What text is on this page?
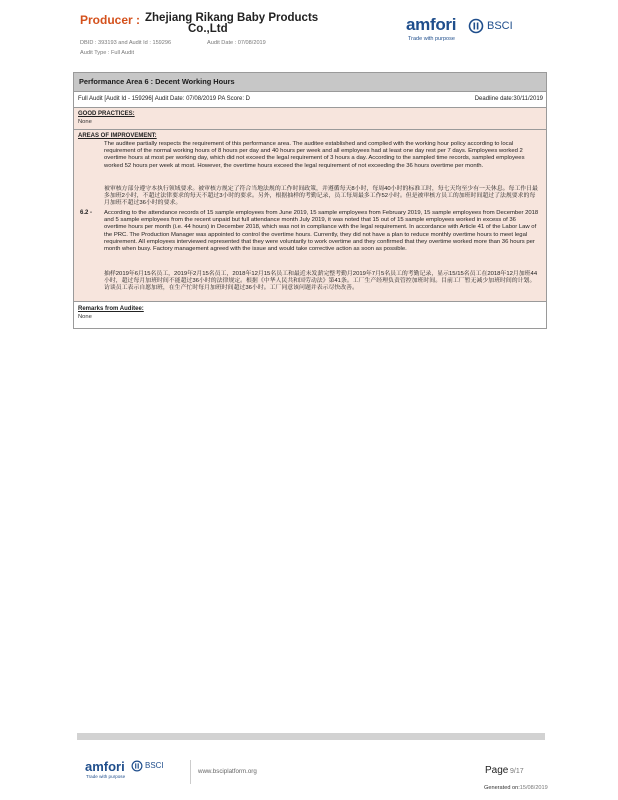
Producer : Zhejiang Rikang Baby Products
Co.,Ltd
DBID : 393193 and Audit Id : 159296	Audit Date : 07/08/2019
Audit Type : Full Audit
amfori
Trade with purpose
BSCI
Performance Area 6 : Decent Working Hours
Full Audit [Audit Id - 159296] Audit Date: 07/08/2019 PA Score: D	Deadline date:30/11/2019
GOOD PRACTICES:
None
AREAS OF IMPROVEMENT:
The auditee partially respects the requirement of this performance area. The auditee established and complied with the working hour policy according to local requirement of the normal working hours of 8 hours per day and 40 hours per week and all employees had at least one day rest per 7 days. Employees worked 2 overtime hours at most per working day, which did not exceed the legal requirement of 3 hours a day. According to the sampled time records, sampled employees worked 52 hours per week at most. However, the overtime hours exceed the legal requirement of not exceeding the 36 hours overtime per month.
被审核方部分遵守本执行领域要求。被审核方规定了符合当地法规的工作时间政策，并遵循每天8小时，每周40小时的标准工时，每七天均至少有一天休息。每工作日最多加班2小时，不超过法律要求的每天不超过3小时的要求。另外，根据抽样的考勤记录，员工每周最多工作52小时。但是被审核方员工的加班时间超过了法规要求的每月加班不超过36小时的要求。
6.2 - According to the attendance records of 15 sample employees from June 2019, 15 sample employees from February 2019, 15 sample employees from December 2018 and 5 sample employees from the recent unpaid but full attendance month July 2019, it was noted that 15 out of 15 sample employees worked in excess of 36 overtime hours per month (i.e. 44 hours) in December 2018, which was not in compliance with the legal requirement. In accordance with Article 41 of the Labor Law of the PRC. The Production Manager was appointed to control the overtime hours. Currently, they did not have a plan to reduce monthly overtime hours to meet legal requirement. All employees interviewed represented that they were voluntarily to work overtime and they confirmed that they overtime worked more than 36 hours per month when busy. Factory management agreed with the issue and would take corrective action as soon as possible.
抽样2019年6月15名员工，2019年2月15名员工，2018年12月15名员工和最近未发薪完整考勤月2019年7月5名员工的考勤记录，显示15/15名员工在2018年12月加班44小时，超过每月加班时间不能超过36小时的法律规定。根据《中华人民共和国劳动法》第41条。工厂生产经理负责管控加班时间。目前工厂暂无减少加班时间的计划。访谈员工表示自愿加班，在生产忙时每月加班时间超过36小时。工厂同意该问题并表示尽快改善。
Remarks from Auditee:
None
amfori
Trade with purpose
BSCI
www.bsciplatform.org	Page 9/17
Generated on:15/08/2019
